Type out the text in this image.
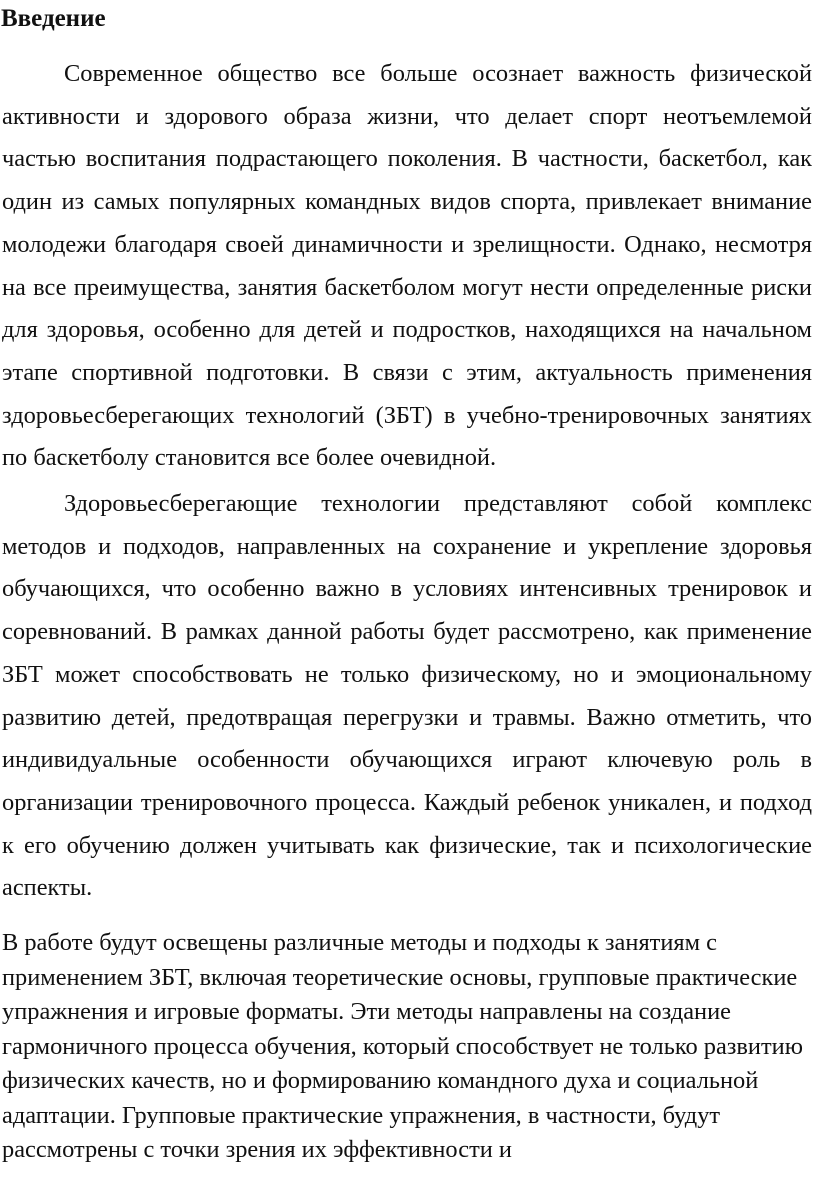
Введение

Современное общество все больше осознает важность физической активности и здорового образа жизни, что делает спорт неотъемлемой частью воспитания подрастающего поколения. В частности, баскетбол, как один из самых популярных командных видов спорта, привлекает внимание молодежи благодаря своей динамичности и зрелищности. Однако, несмотря на все преимущества, занятия баскетболом могут нести определенные риски для здоровья, особенно для детей и подростков, находящихся на начальном этапе спортивной подготовки. В связи с этим, актуальность применения здоровьесберегающих технологий (ЗБТ) в учебно-тренировочных занятиях по баскетболу становится все более очевидной.

Здоровьесберегающие технологии представляют собой комплекс методов и подходов, направленных на сохранение и укрепление здоровья обучающихся, что особенно важно в условиях интенсивных тренировок и соревнований. В рамках данной работы будет рассмотрено, как применение ЗБТ может способствовать не только физическому, но и эмоциональному развитию детей, предотвращая перегрузки и травмы. Важно отметить, что индивидуальные особенности обучающихся играют ключевую роль в организации тренировочного процесса. Каждый ребенок уникален, и подход к его обучению должен учитывать как физические, так и психологические аспекты.

В работе будут освещены различные методы и подходы к занятиям с применением ЗБТ, включая теоретические основы, групповые практические упражнения и игровые форматы. Эти методы направлены на создание гармоничного процесса обучения, который способствует не только развитию физических качеств, но и формированию командного духа и социальной адаптации. Групповые практические упражнения, в частности, будут рассмотрены с точки зрения их эффективности и
